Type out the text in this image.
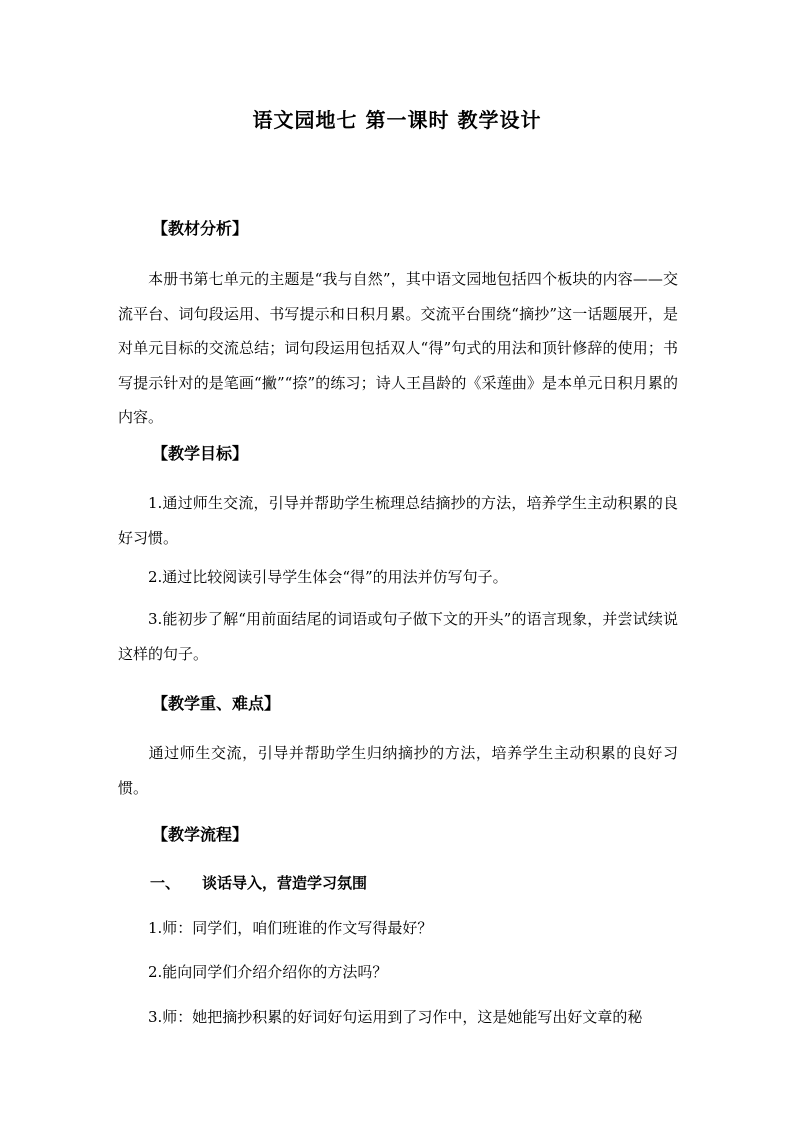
语文园地七 第一课时 教学设计
【教材分析】
本册书第七单元的主题是“我与自然”，其中语文园地包括四个板块的内容——交流平台、词句段运用、书写提示和日积月累。交流平台围绕“摘抄”这一话题展开，是对单元目标的交流总结；词句段运用包括双人“得”句式的用法和顶针修辞的使用；书写提示针对的是笔画“撇”“捺”的练习；诗人王昌龄的《采莲曲》是本单元日积月累的内容。
【教学目标】
1.通过师生交流，引导并帮助学生梳理总结摘抄的方法，培养学生主动积累的良好习惯。
2.通过比较阅读引导学生体会“得”的用法并仿写句子。
3.能初步了解“用前面结尾的词语或句子做下文的开头”的语言现象，并尝试续说这样的句子。
【教学重、难点】
通过师生交流，引导并帮助学生归纳摘抄的方法，培养学生主动积累的良好习惯。
【教学流程】
一、 谈话导入，营造学习氛围
1.师：同学们，咱们班谁的作文写得最好？
2.能向同学们介绍介绍你的方法吗？
3.师：她把摘抄积累的好词好句运用到了习作中，这是她能写出好文章的秘
